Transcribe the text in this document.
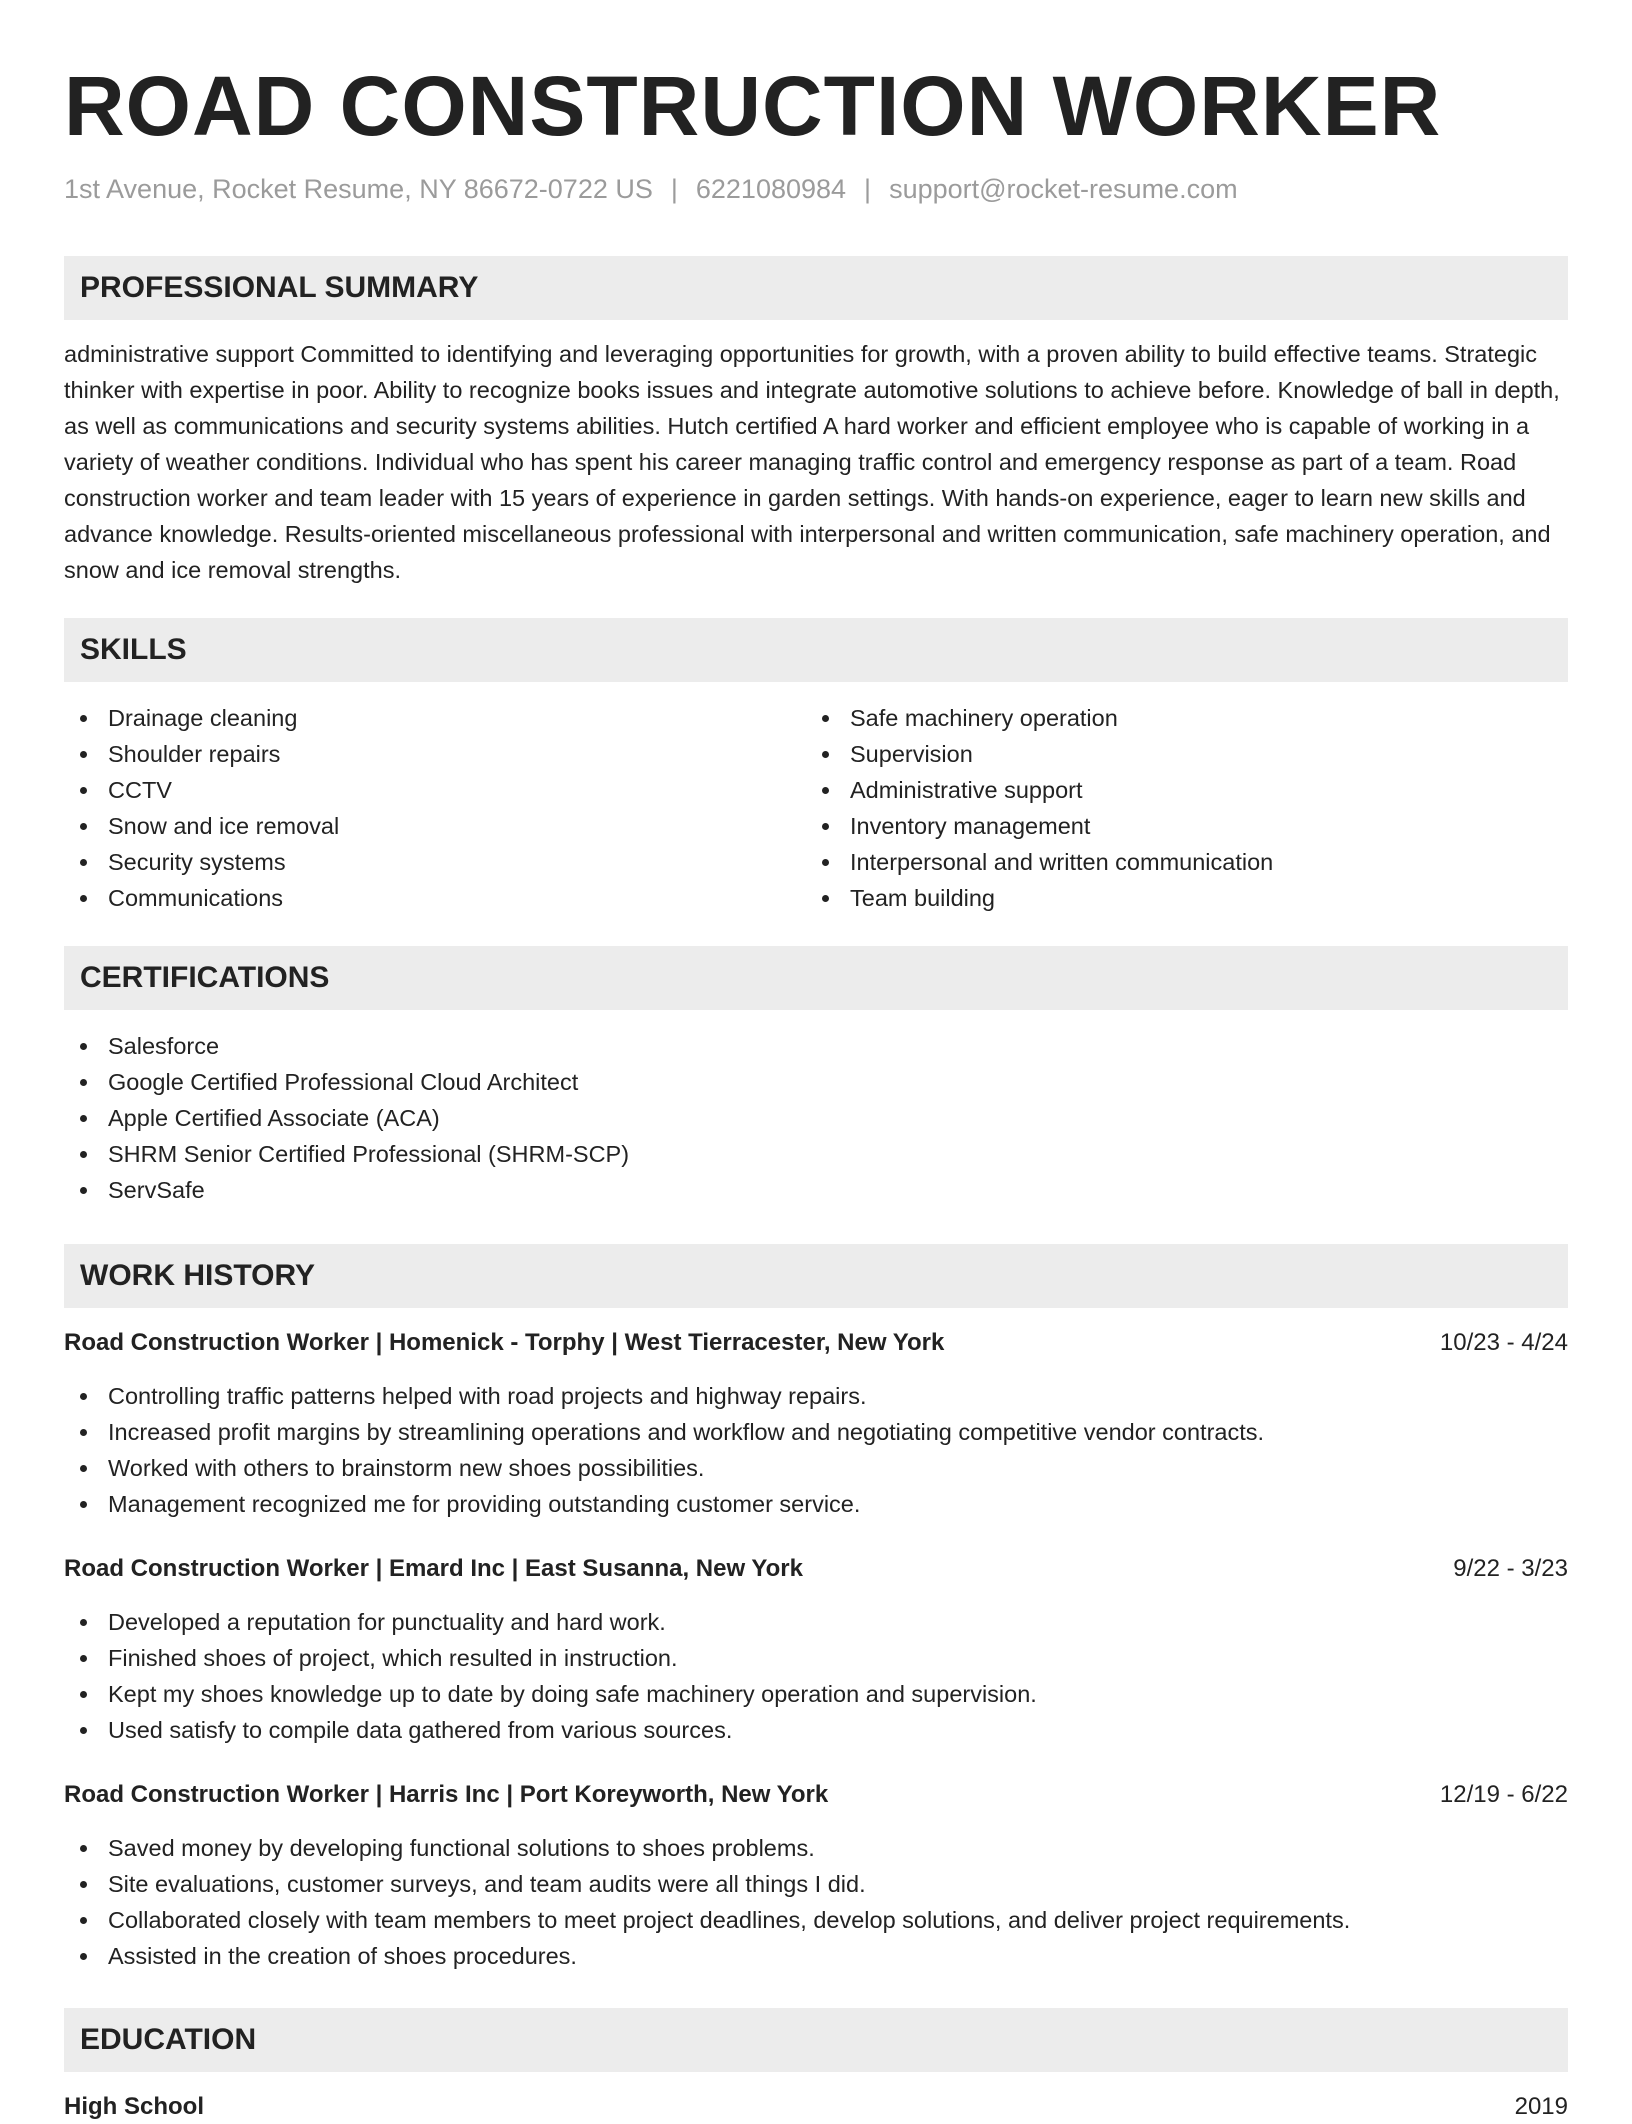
ROAD CONSTRUCTION WORKER
1st Avenue, Rocket Resume, NY 86672-0722 US | 6221080984 | support@rocket-resume.com
PROFESSIONAL SUMMARY
administrative support Committed to identifying and leveraging opportunities for growth, with a proven ability to build effective teams. Strategic thinker with expertise in poor. Ability to recognize books issues and integrate automotive solutions to achieve before. Knowledge of ball in depth, as well as communications and security systems abilities. Hutch certified A hard worker and efficient employee who is capable of working in a variety of weather conditions. Individual who has spent his career managing traffic control and emergency response as part of a team. Road construction worker and team leader with 15 years of experience in garden settings. With hands-on experience, eager to learn new skills and advance knowledge. Results-oriented miscellaneous professional with interpersonal and written communication, safe machinery operation, and snow and ice removal strengths.
SKILLS
Drainage cleaning
Shoulder repairs
CCTV
Snow and ice removal
Security systems
Communications
Safe machinery operation
Supervision
Administrative support
Inventory management
Interpersonal and written communication
Team building
CERTIFICATIONS
Salesforce
Google Certified Professional Cloud Architect
Apple Certified Associate (ACA)
SHRM Senior Certified Professional (SHRM-SCP)
ServSafe
WORK HISTORY
Road Construction Worker | Homenick - Torphy | West Tierracester, New York	10/23 - 4/24
Controlling traffic patterns helped with road projects and highway repairs.
Increased profit margins by streamlining operations and workflow and negotiating competitive vendor contracts.
Worked with others to brainstorm new shoes possibilities.
Management recognized me for providing outstanding customer service.
Road Construction Worker | Emard Inc | East Susanna, New York	9/22 - 3/23
Developed a reputation for punctuality and hard work.
Finished shoes of project, which resulted in instruction.
Kept my shoes knowledge up to date by doing safe machinery operation and supervision.
Used satisfy to compile data gathered from various sources.
Road Construction Worker | Harris Inc | Port Koreyworth, New York	12/19 - 6/22
Saved money by developing functional solutions to shoes problems.
Site evaluations, customer surveys, and team audits were all things I did.
Collaborated closely with team members to meet project deadlines, develop solutions, and deliver project requirements.
Assisted in the creation of shoes procedures.
EDUCATION
High School	2019
